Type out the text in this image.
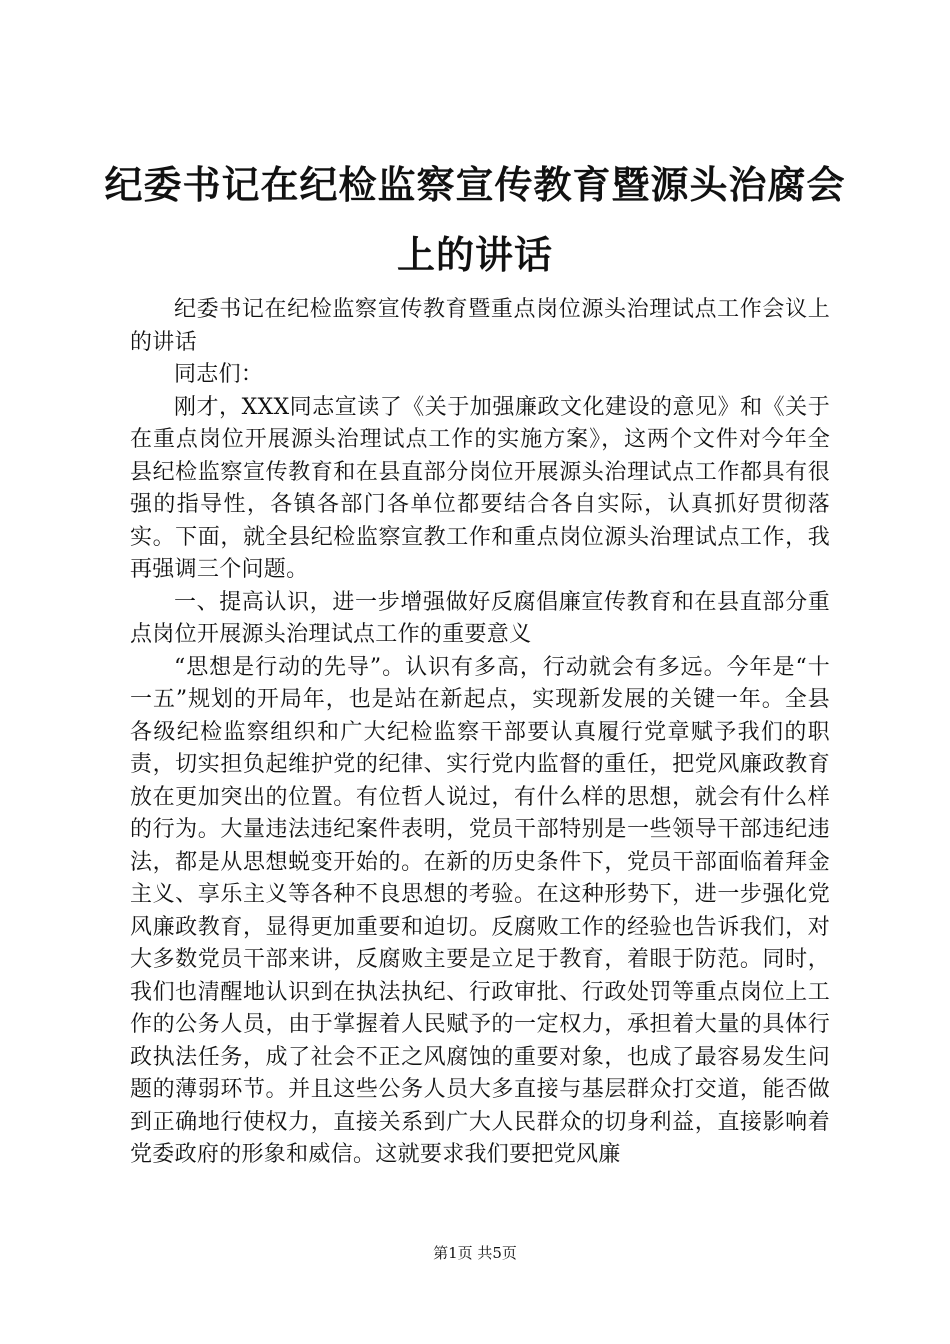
纪委书记在纪检监察宣传教育暨源头治腐会上的讲话

纪委书记在纪检监察宣传教育暨重点岗位源头治理试点工作会议上的讲话

同志们：

刚才，XXX同志宣读了《关于加强廉政文化建设的意见》和《关于在重点岗位开展源头治理试点工作的实施方案》，这两个文件对今年全县纪检监察宣传教育和在县直部分岗位开展源头治理试点工作都具有很强的指导性，各镇各部门各单位都要结合各自实际，认真抓好贯彻落实。下面，就全县纪检监察宣教工作和重点岗位源头治理试点工作，我再强调三个问题。

一、提高认识，进一步增强做好反腐倡廉宣传教育和在县直部分重点岗位开展源头治理试点工作的重要意义

“思想是行动的先导”。认识有多高，行动就会有多远。今年是“十一五”规划的开局年，也是站在新起点，实现新发展的关键一年。全县各级纪检监察组织和广大纪检监察干部要认真履行党章赋予我们的职责，切实担负起维护党的纪律、实行党内监督的重任，把党风廉政教育放在更加突出的位置。有位哲人说过，有什么样的思想，就会有什么样的行为。大量违法违纪案件表明，党员干部特别是一些领导干部违纪违法，都是从思想蜕变开始的。在新的历史条件下，党员干部面临着拜金主义、享乐主义等各种不良思想的考验。在这种形势下，进一步强化党风廉政教育，显得更加重要和迫切。反腐败工作的经验也告诉我们，对大多数党员干部来讲，反腐败主要是立足于教育，着眼于防范。同时，我们也清醒地认识到在执法执纪、行政审批、行政处罚等重点岗位上工作的公务人员，由于掌握着人民赋予的一定权力，承担着大量的具体行政执法任务，成了社会不正之风腐蚀的重要对象，也成了最容易发生问题的薄弱环节。并且这些公务人员大多直接与基层群众打交道，能否做到正确地行使权力，直接关系到广大人民群众的切身利益，直接影响着党委政府的形象和威信。这就要求我们要把党风廉

第1页 共5页
